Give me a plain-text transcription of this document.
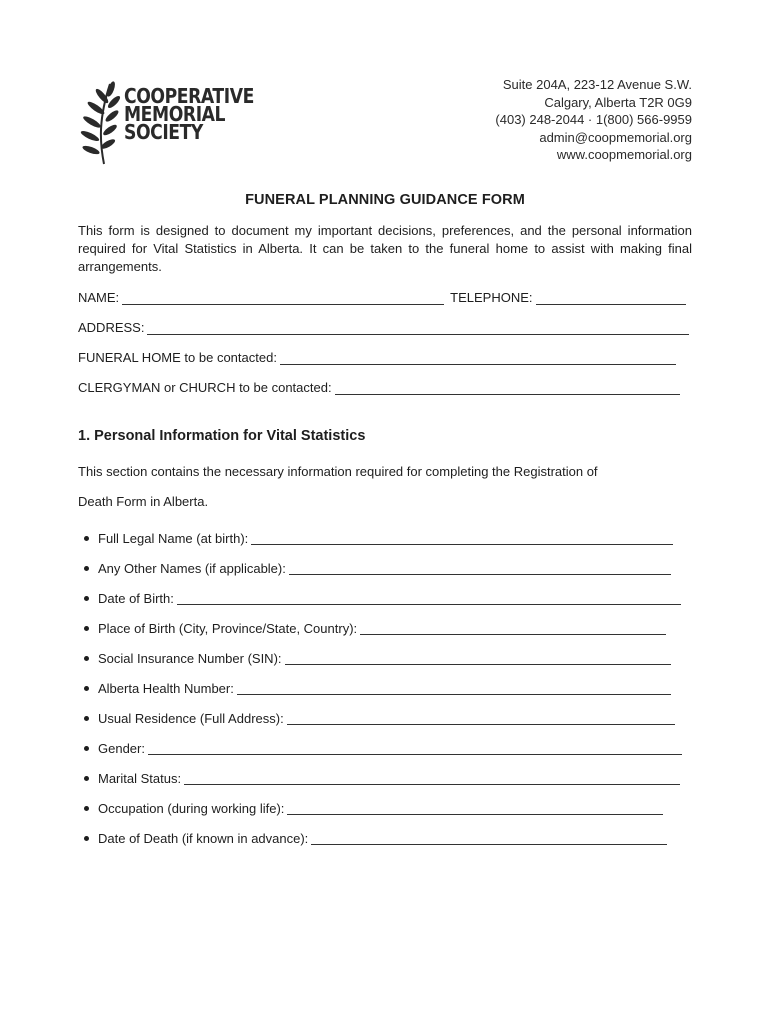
COOPERATIVE
MEMORIAL
SOCIETY
Suite 204A, 223-12 Avenue S.W.
Calgary, Alberta T2R 0G9
(403) 248-2044 · 1(800) 566-9959
admin@coopmemorial.org
www.coopmemorial.org
FUNERAL PLANNING GUIDANCE FORM
This form is designed to document my important decisions, preferences, and the personal information required for Vital Statistics in Alberta. It can be taken to the funeral home to assist with making final arrangements.
NAME:	TELEPHONE:
ADDRESS:
FUNERAL HOME to be contacted:
CLERGYMAN or CHURCH to be contacted:
1. Personal Information for Vital Statistics
This section contains the necessary information required for completing the Registration of
Death Form in Alberta.
Full Legal Name (at birth):
Any Other Names (if applicable):
Date of Birth:
Place of Birth (City, Province/State, Country):
Social Insurance Number (SIN):
Alberta Health Number:
Usual Residence (Full Address):
Gender:
Marital Status:
Occupation (during working life):
Date of Death (if known in advance):
